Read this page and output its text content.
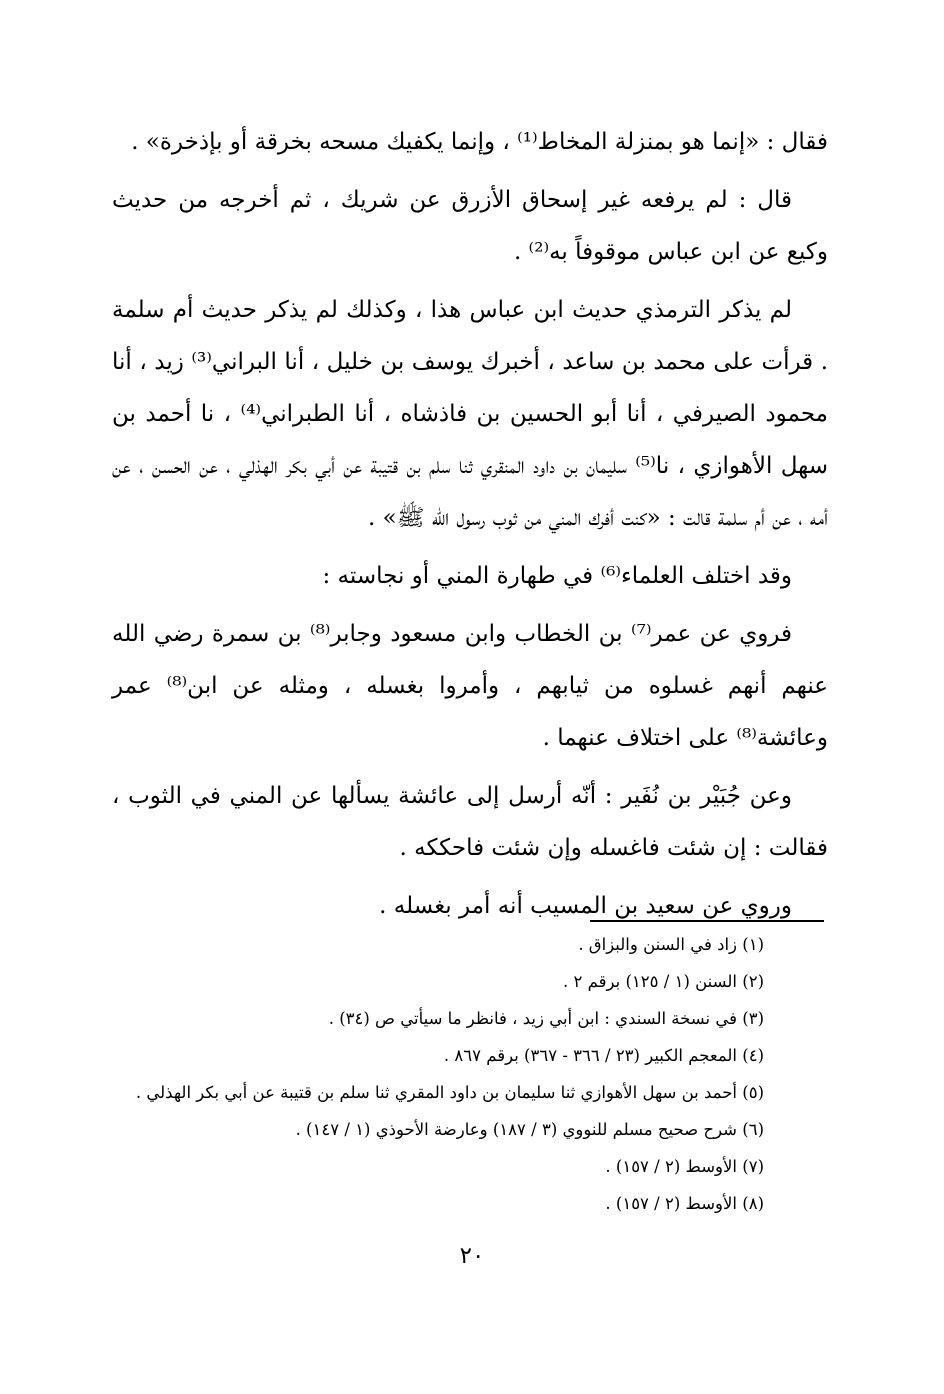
فقال : «إنما هو بمنزلة المخاط⁽¹⁾ ، وإنما يكفيك مسحه بخرقة أو بإذخرة» .

قال : لم يرفعه غير إسحاق الأزرق عن شريك ، ثم أخرجه من حديث وكيع عن ابن عباس موقوفاً به⁽²⁾ .

لم يذكر الترمذي حديث ابن عباس هذا ، وكذلك لم يذكر حديث أم سلمة . قرأت على محمد بن ساعد ، أخبرك يوسف بن خليل ، أنا البراني⁽³⁾ زيد ، أنا محمود الصيرفي ، أنا أبو الحسين بن فاذشاه ، أنا الطبراني⁽⁴⁾ ، نا أحمد بن سهل الأهوازي ، نا⁽⁵⁾ سليمان بن داود المنقري ثنا سلم بن قتيبة عن أبي بكر الهذلي ، عن الحسن ، عن أمه ، عن أم سلمة قالت : «كنت أفرك المني من ثوب رسول الله ﷺ» .

وقد اختلف العلماء⁽⁶⁾ في طهارة المني أو نجاسته :

فروي عن عمر⁽⁷⁾ بن الخطاب وابن مسعود وجابر⁽⁸⁾ بن سمرة رضي الله عنهم أنهم غسلوه من ثيابهم ، وأمروا بغسله ، ومثله عن ابن⁽⁸⁾ عمر وعائشة⁽⁸⁾ على اختلاف عنهما .

وعن جُبَيْر بن نُفَير : أنّه أرسل إلى عائشة يسألها عن المني في الثوب ، فقالت : إن شئت فاغسله وإن شئت فاحككه .

وروي عن سعيد بن المسيب أنه أمر بغسله .

(١) زاد في السنن والبزاق .
(٢) السنن (١ / ١٢٥) برقم ٢ .
(٣) في نسخة السندي : ابن أبي زيد ، فانظر ما سيأتي ص (٣٤) .
(٤) المعجم الكبير (٢٣ / ٣٦٦ - ٣٦٧) برقم ٨٦٧ .
(٥) أحمد بن سهل الأهوازي ثنا سليمان بن داود المقري ثنا سلم بن قتيبة عن أبي بكر الهذلي .
(٦) شرح صحيح مسلم للنووي (٣ / ١٨٧) وعارضة الأحوذي (١ / ١٤٧) .
(٧) الأوسط (٢ / ١٥٧) .
(٨) الأوسط (٢ / ١٥٧) .
٢٠
